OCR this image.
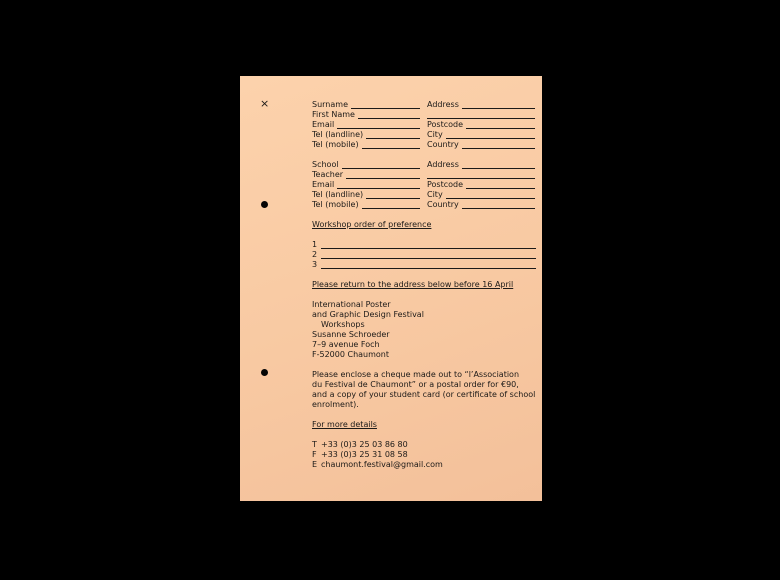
×	Surname	Address
First Name
Email	Postcode
Tel (landline)	City
Tel (mobile)	Country
School	Address
Teacher
Email	Postcode
Tel (landline)	City
Tel (mobile)	Country

Workshop order of preference

1
2
3

Please return to the address below before 16 April

International Poster

and Graphic Design Festival

Workshops

Susanne Schroeder

7–9 avenue Foch

F-52000 Chaumont

Please enclose a cheque made out to “l’Association

du Festival de Chaumont” or a postal order for €90,

and a copy of your student card (or certificate of school

enrolment).

For more details

T +33 (0)3 25 03 86 80

F +33 (0)3 25 31 08 58

E chaumont.festival@gmail.com
